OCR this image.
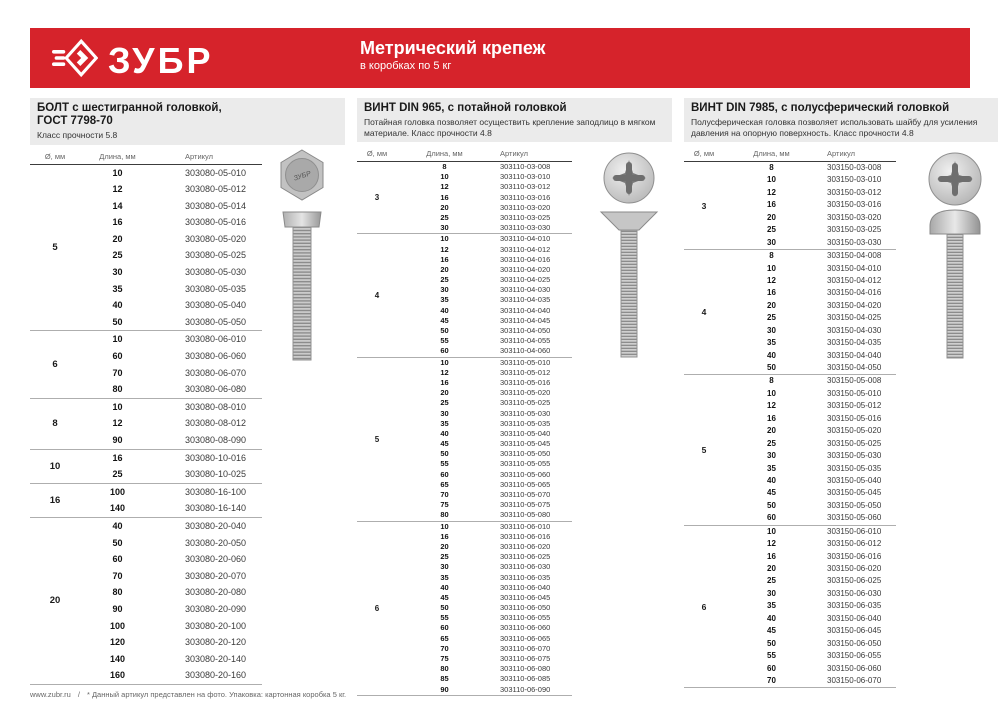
ЗУБР	Метрический крепеж
в коробках по 5 кг
БОЛТ с шестигранной головкой,
ГОСТ 7798-70
Класс прочности 5.8
Ø, мм	Длина, мм	Артикул
5
10	303080-05-010
12	303080-05-012
14	303080-05-014
16	303080-05-016
20	303080-05-020
25	303080-05-025
30	303080-05-030
35	303080-05-035
40	303080-05-040
50	303080-05-050
6
10	303080-06-010
60	303080-06-060
70	303080-06-070
80	303080-06-080
8
10	303080-08-010
12	303080-08-012
90	303080-08-090
10
16	303080-10-016
25	303080-10-025
16
100	303080-16-100
140	303080-16-140
20
40	303080-20-040
50	303080-20-050
60	303080-20-060
70	303080-20-070
80	303080-20-080
90	303080-20-090
100	303080-20-100
120	303080-20-120
140	303080-20-140
160	303080-20-160
ЗУБР
ВИНТ DIN 965, с потайной головкой
Потайная головка позволяет осуществить крепление заподлицо в мягком материале. Класс прочности 4.8
Ø, мм	Длина, мм	Артикул
3
8	303110-03-008
10	303110-03-010
12	303110-03-012
16	303110-03-016
20	303110-03-020
25	303110-03-025
30	303110-03-030
4
10	303110-04-010
12	303110-04-012
16	303110-04-016
20	303110-04-020
25	303110-04-025
30	303110-04-030
35	303110-04-035
40	303110-04-040
45	303110-04-045
50	303110-04-050
55	303110-04-055
60	303110-04-060
5
10	303110-05-010
12	303110-05-012
16	303110-05-016
20	303110-05-020
25	303110-05-025
30	303110-05-030
35	303110-05-035
40	303110-05-040
45	303110-05-045
50	303110-05-050
55	303110-05-055
60	303110-05-060
65	303110-05-065
70	303110-05-070
75	303110-05-075
80	303110-05-080
6
10	303110-06-010
16	303110-06-016
20	303110-06-020
25	303110-06-025
30	303110-06-030
35	303110-06-035
40	303110-06-040
45	303110-06-045
50	303110-06-050
55	303110-06-055
60	303110-06-060
65	303110-06-065
70	303110-06-070
75	303110-06-075
80	303110-06-080
85	303110-06-085
90	303110-06-090
ВИНТ DIN 7985, с полусферический головкой
Полусферическая головка позволяет использовать шайбу для усиления давления на опорную поверхность. Класс прочности 4.8
Ø, мм	Длина, мм	Артикул
3
8	303150-03-008
10	303150-03-010
12	303150-03-012
16	303150-03-016
20	303150-03-020
25	303150-03-025
30	303150-03-030
4
8	303150-04-008
10	303150-04-010
12	303150-04-012
16	303150-04-016
20	303150-04-020
25	303150-04-025
30	303150-04-030
35	303150-04-035
40	303150-04-040
50	303150-04-050
5
8	303150-05-008
10	303150-05-010
12	303150-05-012
16	303150-05-016
20	303150-05-020
25	303150-05-025
30	303150-05-030
35	303150-05-035
40	303150-05-040
45	303150-05-045
50	303150-05-050
60	303150-05-060
6
10	303150-06-010
12	303150-06-012
16	303150-06-016
20	303150-06-020
25	303150-06-025
30	303150-06-030
35	303150-06-035
40	303150-06-040
45	303150-06-045
50	303150-06-050
55	303150-06-055
60	303150-06-060
70	303150-06-070
www.zubr.ru / * Данный артикул представлен на фото. Упаковка: картонная коробка 5 кг.
